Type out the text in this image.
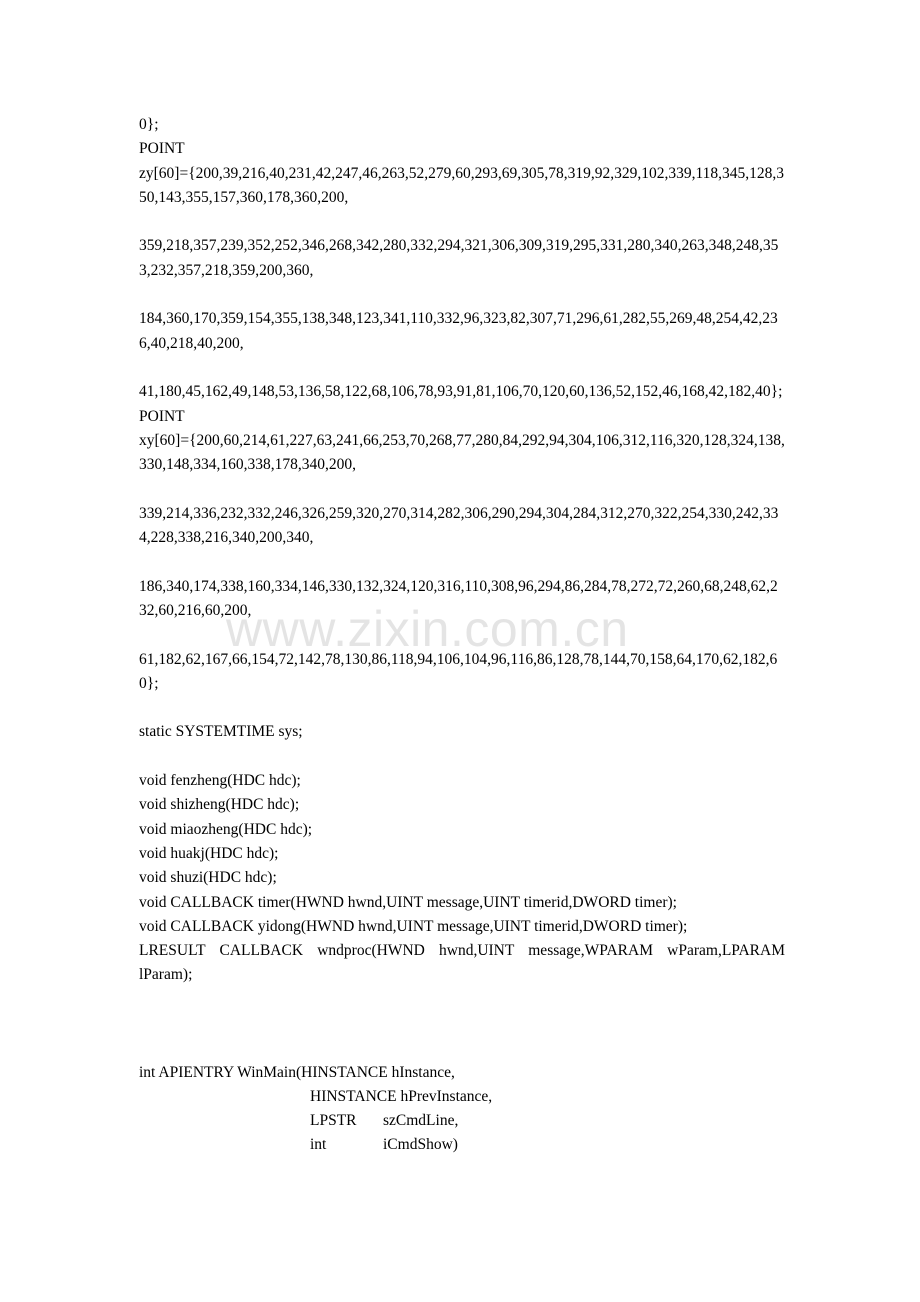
0};
POINT
zy[60]={200,39,216,40,231,42,247,46,263,52,279,60,293,69,305,78,319,92,329,102,339,118,345,128,350,143,355,157,360,178,360,200,
359,218,357,239,352,252,346,268,342,280,332,294,321,306,309,319,295,331,280,340,263,348,248,353,232,357,218,359,200,360,
184,360,170,359,154,355,138,348,123,341,110,332,96,323,82,307,71,296,61,282,55,269,48,254,42,236,40,218,40,200,
41,180,45,162,49,148,53,136,58,122,68,106,78,93,91,81,106,70,120,60,136,52,152,46,168,42,182,40};
POINT
xy[60]={200,60,214,61,227,63,241,66,253,70,268,77,280,84,292,94,304,106,312,116,320,128,324,138,330,148,334,160,338,178,340,200,
339,214,336,232,332,246,326,259,320,270,314,282,306,290,294,304,284,312,270,322,254,330,242,334,228,338,216,340,200,340,
186,340,174,338,160,334,146,330,132,324,120,316,110,308,96,294,86,284,78,272,72,260,68,248,62,232,60,216,60,200,
61,182,62,167,66,154,72,142,78,130,86,118,94,106,104,96,116,86,128,78,144,70,158,64,170,62,182,60};
static SYSTEMTIME sys;
void fenzheng(HDC hdc);
void shizheng(HDC hdc);
void miaozheng(HDC hdc);
void huakj(HDC hdc);
void shuzi(HDC hdc);
void CALLBACK timer(HWND hwnd,UINT message,UINT timerid,DWORD timer);
void CALLBACK yidong(HWND hwnd,UINT message,UINT timerid,DWORD timer);
LRESULT CALLBACK wndproc(HWND hwnd,UINT message,WPARAM wParam,LPARAM lParam);
int APIENTRY WinMain(HINSTANCE hInstance,
HINSTANCE hPrevInstance,
LPSTR szCmdLine,
int	iCmdShow)
www.zixin.com.cn
